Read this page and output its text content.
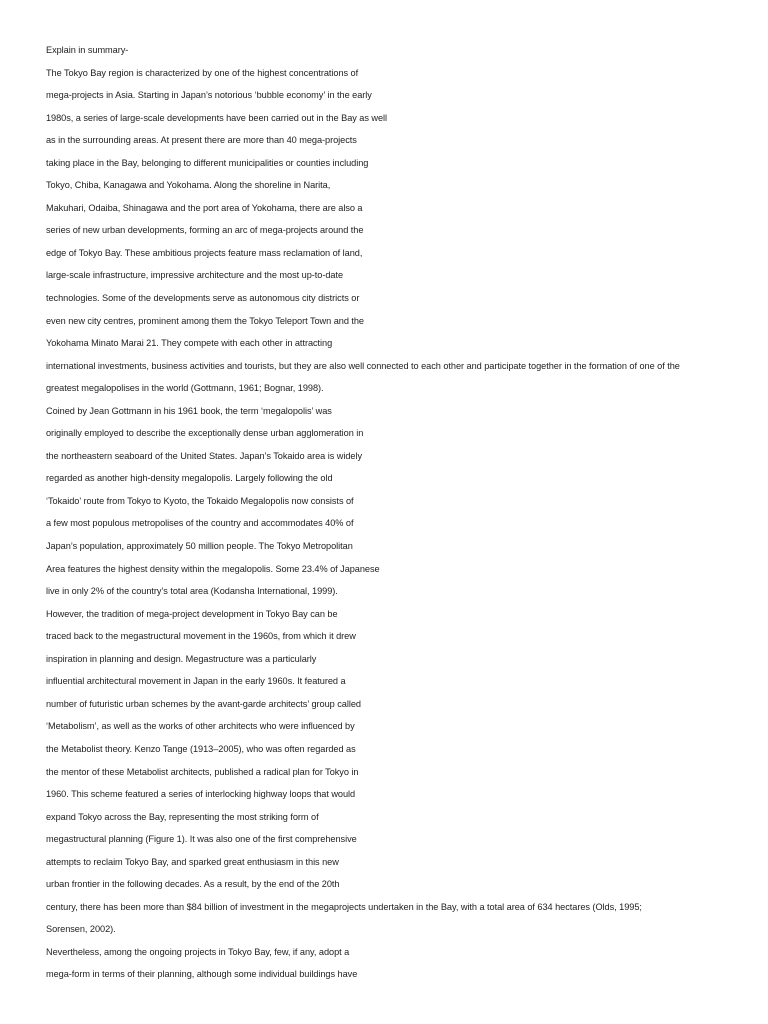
Explain in summary-
The Tokyo Bay region is characterized by one of the highest concentrations of
mega-projects in Asia. Starting in Japan’s notorious ‘bubble economy’ in the early
1980s, a series of large-scale developments have been carried out in the Bay as well
as in the surrounding areas. At present there are more than 40 mega-projects
taking place in the Bay, belonging to different municipalities or counties including
Tokyo, Chiba, Kanagawa and Yokohama. Along the shoreline in Narita,
Makuhari, Odaiba, Shinagawa and the port area of Yokohama, there are also a
series of new urban developments, forming an arc of mega-projects around the
edge of Tokyo Bay. These ambitious projects feature mass reclamation of land,
large-scale infrastructure, impressive architecture and the most up-to-date
technologies. Some of the developments serve as autonomous city districts or
even new city centres, prominent among them the Tokyo Teleport Town and the
Yokohama Minato Marai 21. They compete with each other in attracting
international investments, business activities and tourists, but they are also well connected to each other and participate together in the formation of one of the
greatest megalopolises in the world (Gottmann, 1961; Bognar, 1998).
Coined by Jean Gottmann in his 1961 book, the term ‘megalopolis’ was
originally employed to describe the exceptionally dense urban agglomeration in
the northeastern seaboard of the United States. Japan’s Tokaido area is widely
regarded as another high-density megalopolis. Largely following the old
‘Tokaido’ route from Tokyo to Kyoto, the Tokaido Megalopolis now consists of
a few most populous metropolises of the country and accommodates 40% of
Japan’s population, approximately 50 million people. The Tokyo Metropolitan
Area features the highest density within the megalopolis. Some 23.4% of Japanese
live in only 2% of the country’s total area (Kodansha International, 1999).
However, the tradition of mega-project development in Tokyo Bay can be
traced back to the megastructural movement in the 1960s, from which it drew
inspiration in planning and design. Megastructure was a particularly
influential architectural movement in Japan in the early 1960s. It featured a
number of futuristic urban schemes by the avant-garde architects’ group called
‘Metabolism’, as well as the works of other architects who were influenced by
the Metabolist theory. Kenzo Tange (1913–2005), who was often regarded as
the mentor of these Metabolist architects, published a radical plan for Tokyo in
1960. This scheme featured a series of interlocking highway loops that would
expand Tokyo across the Bay, representing the most striking form of
megastructural planning (Figure 1). It was also one of the first comprehensive
attempts to reclaim Tokyo Bay, and sparked great enthusiasm in this new
urban frontier in the following decades. As a result, by the end of the 20th
century, there has been more than $84 billion of investment in the megaprojects undertaken in the Bay, with a total area of 634 hectares (Olds, 1995;
Sorensen, 2002).
Nevertheless, among the ongoing projects in Tokyo Bay, few, if any, adopt a
mega-form in terms of their planning, although some individual buildings have
